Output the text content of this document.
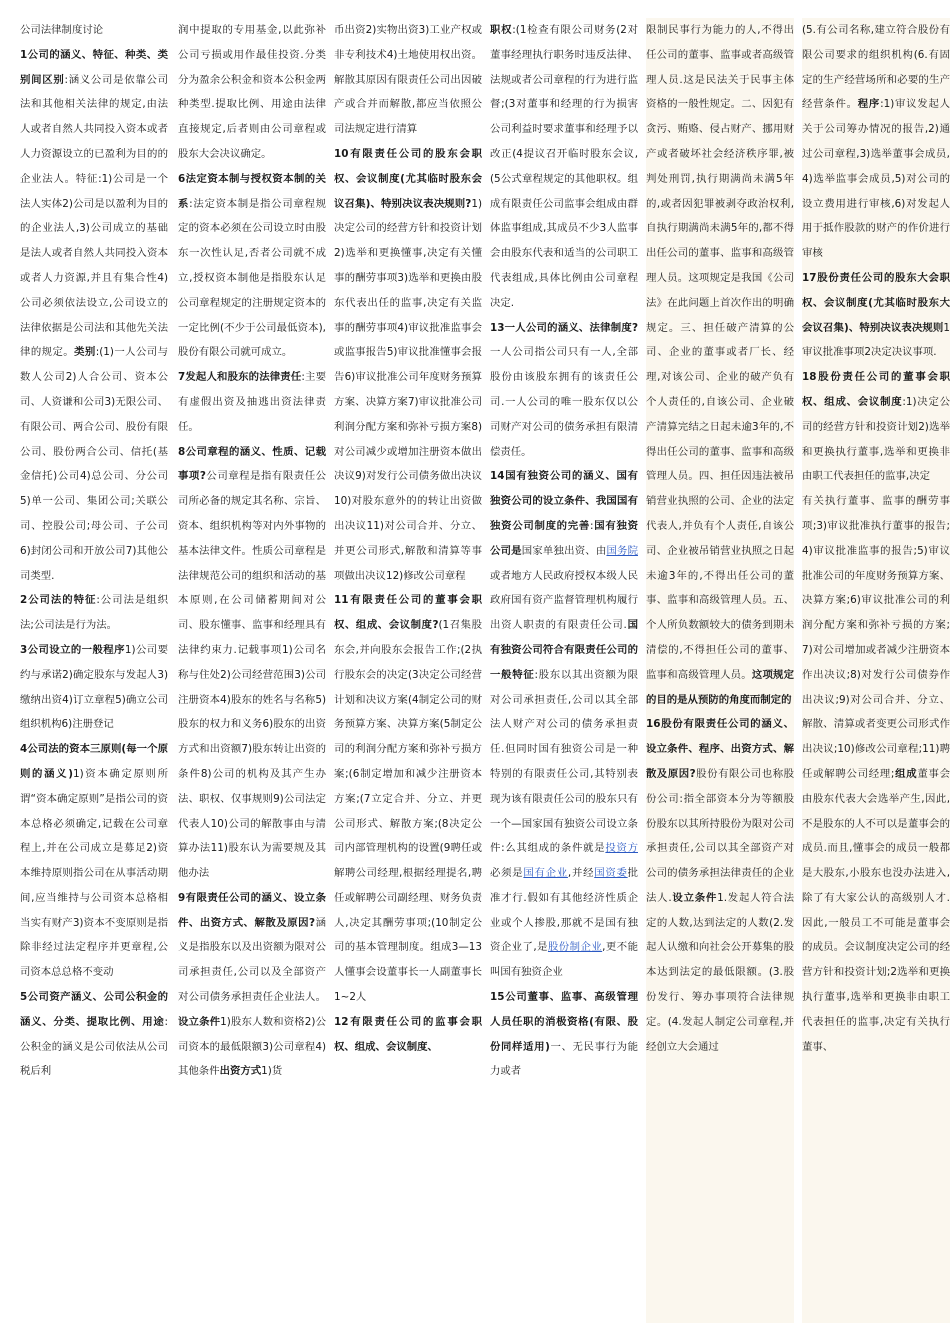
公司法律制度讨论

1公司的涵义、特征、种类、类别间区别:涵义公司是依靠公司法和其他相关法律的规定,由法人或者自然人共同投入资本或者人力资源设立的已盈利为目的的企业法人。特征:1)公司是一个法人实体2)公司是以盈利为目的的企业法人,3)公司成立的基础是法人或者自然人共同投入资本或者人力资源,并且有集合性4)公司必须依法设立,公司设立的法律依据是公司法和其他先关法律的规定。类别:(1)一人公司与数人公司2)人合公司、资本公司、人资谦和公司3)无限公司、有限公司、两合公司、股份有限公司、股份两合公司、信托(基金信托)公司4)总公司、分公司5)单一公司、集团公司;关联公司、控股公司;母公司、子公司6)封闭公司和开放公司7)其他公司类型.

2公司法的特征:公司法是组织法;公司法是行为法。

3公司设立的一般程序1)公司要约与承诺2)确定股东与发起人3)缴纳出资4)订立章程5)确立公司组织机构6)注册登记

4公司法的资本三原则(每一个原则的涵义)1)资本确定原则所谓“资本确定原则”是指公司的资本总格必须确定,记载在公司章程上,并在公司成立是募足2)资本维持原则指公司在从事活动期间,应当维持与公司资本总格相当实有财产3)资本不变原则是指除非经过法定程序并更章程,公司资本总总格不变动

5公司资产涵义、公司公积金的涵义、分类、提取比例、用途:公积金的涵义是公司依法从公司税后利

润中提取的专用基金,以此弥补公司亏损或用作最佳投资.分类分为盈余公积金和资本公积金两种类型.提取比例、用途由法律直接规定,后者则由公司章程或股东大会决议确定。

6法定资本制与授权资本制的关系:法定资本制是指公司章程规定的资本必须在公司设立时由股东一次性认足,否者公司就不成立,授权资本制他是指股东认足公司章程规定的注册规定资本的一定比例(不少于公司最低资本),股份有限公司就可成立。

7发起人和股东的法律责任:主要有虚假出资及抽逃出资法律责任。

8公司章程的涵义、性质、记载事项?公司章程是指有限责任公司所必备的规定其名称、宗旨、资本、组织机构等对内外事物的基本法律文件。性质公司章程是法律规范公司的组织和活动的基本原则,在公司储蓄期间对公司、股东懂事、监事和经理具有法律约束力.记载事项1)公司名称与住处2)公司经营范围3)公司注册资本4)股东的姓名与名称5)股东的权力和义务6)股东的出资方式和出资额7)股东转让出资的条件8)公司的机构及其产生办法、职权、仅事规则9)公司法定代表人10)公司的解散事由与清算办法11)股东认为需要规及其他办法

9有限责任公司的涵义、设立条件、出资方式、解散及原因?涵义是指股东以及出资额为限对公司承担责任,公司以及全部资产对公司债务承担责任企业法人。设立条件1)股东人数和资格2)公司资本的最低限额3)公司章程4)其他条件出资方式1)货

币出资2)实物出资3)工业产权或非专利技术4)土地使用权出资。解散其原因有限责任公司出因破产或合并而解散,都应当依照公司法规定进行清算

10有限责任公司的股东会职权、会议制度(尤其临时股东会议召集)、特别决议表决规则?1)决定公司的经营方针和投资计划2)选举和更换懂事,决定有关懂事的酬劳事项3)选举和更换由股东代表出任的监事,决定有关监事的酬劳事项4)审议批准监事会或监事报告5)审议批准懂事会报告6)审议批准公司年度财务预算方案、决算方案7)审议批准公司利润分配方案和弥补亏损方案8)对公司减少或增加注册资本做出决议9)对发行公司债务做出决议10)对股东意外的的转让出资做出决议11)对公司合并、分立、并更公司形式,解散和清算等事项做出决议12)修改公司章程

11有限责任公司的董事会职权、组成、会议制度?(1召集股东会,并向股东会报告工作;(2执行股东会的决定(3决定公司经营计划和决议方案(4制定公司的财务预算方案、决算方案(5制定公司的利润分配方案和弥补亏损方案;(6制定增加和减少注册资本方案;(7立定合并、分立、并更公司形式、解散方案;(8决定公司内部管理机构的设置(9聘任或解聘公司经理,根据经理提名,聘任或解聘公司副经理、财务负责人,决定其酬劳事项;(10制定公司的基本管理制度。组成3—13人懂事会设董事长一人副董事长1~2人

12有限责任公司的监事会职权、组成、会议制度、

职权:(1检查有限公司财务(2对董事经理执行职务时违反法律、法规或者公司章程的行为进行监督;(3对董事和经理的行为损害公司利益时要求董事和经理予以改正(4提议召开临时股东会议,(5公式章程规定的其他职权。组成有限责任公司监事会组成由群体监事组成,其成员不少3人监事会由股东代表和适当的公司职工代表组成,具体比例由公司章程决定.

13一人公司的涵义、法律制度?一人公司指公司只有一人,全部股份由该股东拥有的该责任公司.一人公司的唯一股东仅以公司财产对公司的债务承担有限清偿责任。

14国有独资公司的涵义、国有独资公司的设立条件、我国国有独资公司制度的完善:国有独资公司是国家单独出资、由国务院或者地方人民政府授权本级人民政府国有资产监督管理机构履行出资人职责的有限责任公司.国有独资公司符合有限责任公司的一般特征:股东以其出资额为限对公司承担责任,公司以其全部法人财产对公司的债务承担责任.但同时国有独资公司是一种特别的有限责任公司,其特别表现为该有限责任公司的股东只有一个—国家国有独资公司设立条件:么其组成的条件就是投资方必须是国有企业,并经国资委批准才行.假如有其他经济性质企业或个人掺股,那就不是国有独资企业了,是股份制企业,更不能叫国有独资企业

15公司董事、监事、高级管理人员任职的消极资格(有限、股份同样适用)一、无民事行为能力或者

限制民事行为能力的人,不得出任公司的董事、监事或者高级管理人员.这是民法关于民事主体资格的一般性规定。二、因犯有贪污、贿赂、侵占财产、挪用财产或者破坏社会经济秩序罪,被判处刑罚,执行期满尚未满5年的,或者因犯罪被剥夺政治权利,自执行期满尚未满5年的,都不得出任公司的董事、监事和高级管理人员。这项规定是我国《公司法》在此问题上首次作出的明确规定。三、担任破产清算的公司、企业的董事或者厂长、经理,对该公司、企业的破产负有个人责任的,自该公司、企业破产清算完结之日起未逾3年的,不得出任公司的董事、监事和高级管理人员。四、担任因违法被吊销营业执照的公司、企业的法定代表人,并负有个人责任,自该公司、企业被吊销营业执照之日起未逾3年的,不得出任公司的董事、监事和高级管理人员。五、个人所负数额较大的债务到期未清偿的,不得担任公司的董事、监事和高级管理人员。这项规定的目的是从预防的角度而制定的

16股份有限责任公司的涵义、设立条件、程序、出资方式、解散及原因?股份有限公司也称股份公司:指全部资本分为等额股份股东以其所持股份为限对公司承担责任,公司以其全部资产对公司的债务承担法律责任的企业法人.设立条件1.发起人符合法定的人数,达到法定的人数(2.发起人认缴和向社会公开募集的股本达到法定的最低限额。(3.股份发行、筹办事项符合法律规定。(4.发起人制定公司章程,并经创立大会通过

(5.有公司名称,建立符合股份有限公司要求的组织机构(6.有固定的生产经营场所和必要的生产经营条件。程序:1)审议发起人关于公司筹办情况的报告,2)通过公司章程,3)选举董事会成员,4)选举监事会成员,5)对公司的设立费用进行审核,6)对发起人用于抵作股款的财产的作价进行审核

17股份责任公司的股东大会职权、会议制度(尤其临时股东大会议召集)、特别决议表决规则1审议批准事项2决定决议事项.

18股份责任公司的董事会职权、组成、会议制度:1)决定公司的经营方针和投资计划2)选举和更换执行董事,选举和更换非由职工代表担任的监事,决定

有关执行董事、监事的酬劳事项;3)审议批准执行董事的报告;4)审议批准监事的报告;5)审议批准公司的年度财务预算方案、决算方案;6)审议批准公司的利润分配方案和弥补亏损的方案;7)对公司增加或者减少注册资本作出决议;8)对发行公司债券作出决议;9)对公司合并、分立、解散、清算或者变更公司形式作出决议;10)修改公司章程;11)聘任或解聘公司经理;组成董事会由股东代表大会选举产生,因此,不是股东的人不可以是董事会的成员.而且,懂事会的成员一般都是大股东,小股东也没办法进入,除了有大家公认的高级别人才.因此,一般员工不可能是董事会的成员。会议制度决定公司的经营方针和投资计划;2选举和更换执行董事,选举和更换非由职工代表担任的监事,决定有关执行董事、
